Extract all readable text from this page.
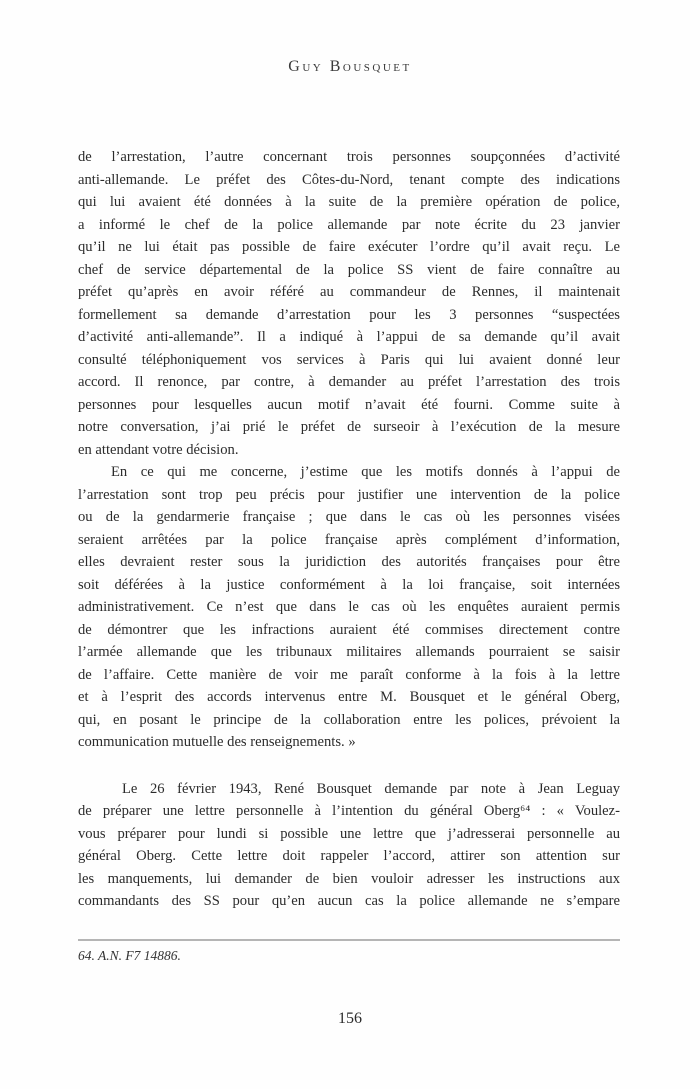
Guy Bousquet
de l’arrestation, l’autre concernant trois personnes soupçonnées d’activité
anti-allemande. Le préfet des Côtes-du-Nord, tenant compte des indications
qui lui avaient été données à la suite de la première opération de police,
a informé le chef de la police allemande par note écrite du 23 janvier
qu’il ne lui était pas possible de faire exécuter l’ordre qu’il avait reçu. Le
chef de service départemental de la police SS vient de faire connaître au
préfet qu’après en avoir référé au commandeur de Rennes, il maintenait
formellement sa demande d’arrestation pour les 3 personnes “suspectées
d’activité anti-allemande”. Il a indiqué à l’appui de sa demande qu’il avait
consulté téléphoniquement vos services à Paris qui lui avaient donné leur
accord. Il renonce, par contre, à demander au préfet l’arrestation des trois
personnes pour lesquelles aucun motif n’avait été fourni. Comme suite à
notre conversation, j’ai prié le préfet de surseoir à l’exécution de la mesure
en attendant votre décision.
En ce qui me concerne, j’estime que les motifs donnés à l’appui de
l’arrestation sont trop peu précis pour justifier une intervention de la police
ou de la gendarmerie française ; que dans le cas où les personnes visées
seraient arrêtées par la police française après complément d’information,
elles devraient rester sous la juridiction des autorités françaises pour être
soit déférées à la justice conformément à la loi française, soit internées
administrativement. Ce n’est que dans le cas où les enquêtes auraient permis
de démontrer que les infractions auraient été commises directement contre
l’armée allemande que les tribunaux militaires allemands pourraient se saisir
de l’affaire. Cette manière de voir me paraît conforme à la fois à la lettre
et à l’esprit des accords intervenus entre M. Bousquet et le général Oberg,
qui, en posant le principe de la collaboration entre les polices, prévoient la
communication mutuelle des renseignements. »
Le 26 février 1943, René Bousquet demande par note à Jean Leguay
de préparer une lettre personnelle à l’intention du général Oberg⁶⁴ : « Voulez-
vous préparer pour lundi si possible une lettre que j’adresserai personnelle au
général Oberg. Cette lettre doit rappeler l’accord, attirer son attention sur
les manquements, lui demander de bien vouloir adresser les instructions aux
commandants des SS pour qu’en aucun cas la police allemande ne s’empare
64. A.N. F7 14886.
156
